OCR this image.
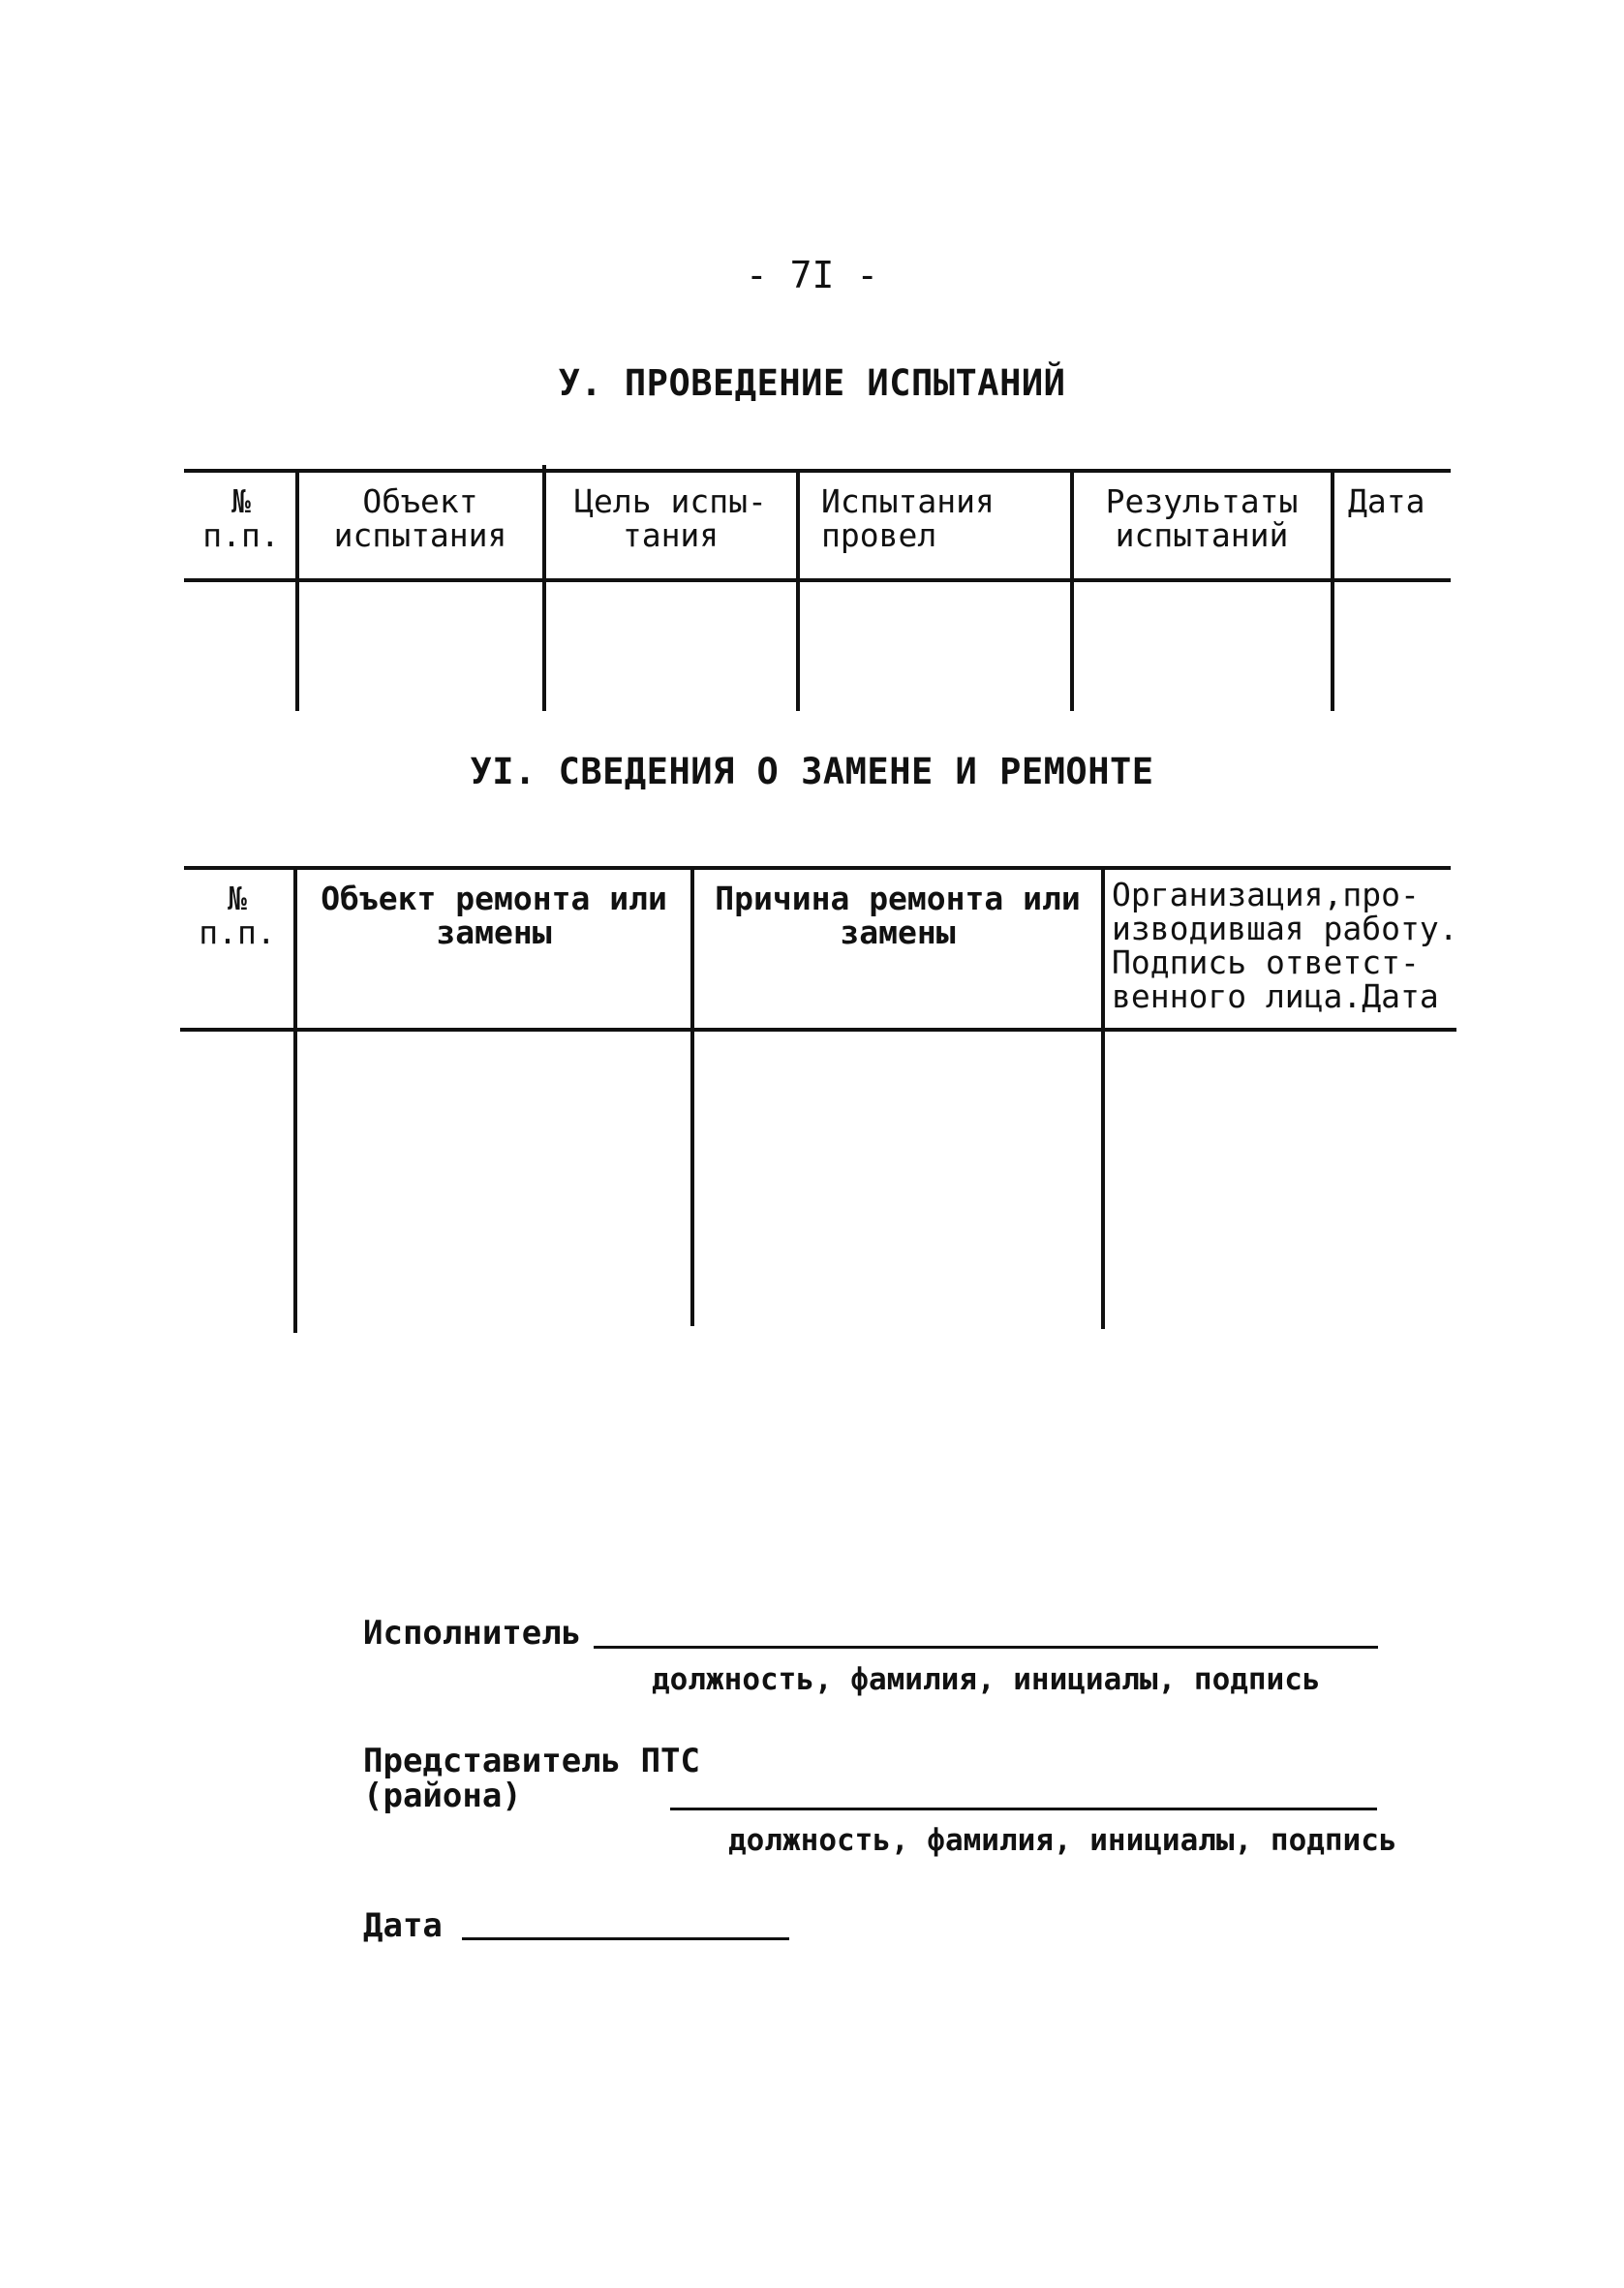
- 7I -
У. ПРОВЕДЕНИЕ ИСПЫТАНИЙ
№
п.п.
Объект
испытания
Цель испы-
тания
Испытания
провел
Результаты
испытаний
Дата
УI. СВЕДЕНИЯ О ЗАМЕНЕ И РЕМОНТЕ
№
п.п.
Объект ремонта или
замены
Причина ремонта или
замены
Организация,про-
изводившая работу.
Подпись ответст-
венного лица.Дата
Исполнитель
должность, фамилия, инициалы, подпись
Представитель ПТС
(района)
должность, фамилия, инициалы, подпись
Дата
